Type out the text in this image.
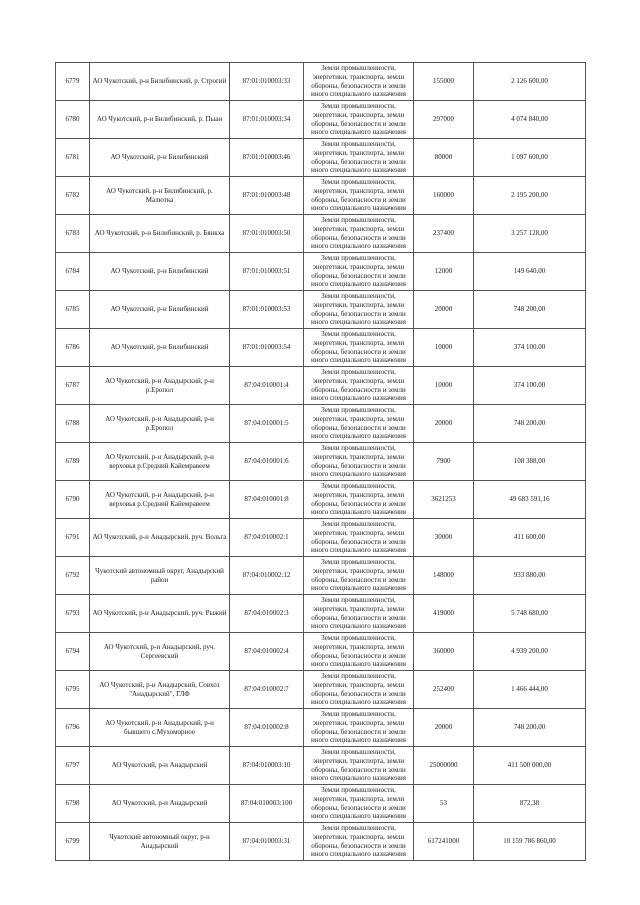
6779	АО Чукотский, р-н Билибинский, р. Строгий	87:01:010003:33	Земли промышленности, энергетики, транспорта, земли обороны, безопасности и земли иного специального назначения	155000	2 126 600,00
6780	АО Чукотский, р-н Билибинский, р. Пыан	87:01:010003:34	Земли промышленности, энергетики, транспорта, земли обороны, безопасности и земли иного специального назначения	297000	4 074 840,00
6781	АО Чукотский, р-н Билибинский	87:01:010003:46	Земли промышленности, энергетики, транспорта, земли обороны, безопасности и земли иного специального назначения	80000	1 097 600,00
6782	АО Чукотский, р-н Билибинский, р. Малютка	87:01:010003:48	Земли промышленности, энергетики, транспорта, земли обороны, безопасности и земли иного специального назначения	160000	2 195 200,00
6783	АО Чукотский, р-н Билибинский, р. Бянкха	87:01:010003:50	Земли промышленности, энергетики, транспорта, земли обороны, безопасности и земли иного специального назначения	237400	3 257 128,00
6784	АО Чукотский, р-н Билибинский	87:01:010003:51	Земли промышленности, энергетики, транспорта, земли обороны, безопасности и земли иного специального назначения	12000	149 640,00
6785	АО Чукотский, р-н Билибинский	87:01:010003:53	Земли промышленности, энергетики, транспорта, земли обороны, безопасности и земли иного специального назначения	20000	748 200,00
6786	АО Чукотский, р-н Билибинский	87:01:010003:54	Земли промышленности, энергетики, транспорта, земли обороны, безопасности и земли иного специального назначения	10000	374 100,00
6787	АО Чукотский, р-н Анадырский, р-н р.Еропол	87:04:010001:4	Земли промышленности, энергетики, транспорта, земли обороны, безопасности и земли иного специального назначения	10000	374 100,00
6788	АО Чукотский, р-н Анадырский, р-н р.Еропол	87:04:010001:5	Земли промышленности, энергетики, транспорта, земли обороны, безопасности и земли иного специального назначения	20000	748 200,00
6789	АО Чукотский, р-н Анадырский, р-н верховья р.Средний Кайемравеем	87:04:010001:6	Земли промышленности, энергетики, транспорта, земли обороны, безопасности и земли иного специального назначения	7900	108 388,00
6790	АО Чукотский, р-н Анадырский, р-н верховья р.Средний Кайемравеем	87:04:010001:8	Земли промышленности, энергетики, транспорта, земли обороны, безопасности и земли иного специального назначения	3621253	49 683 591,16
6791	АО Чукотский, р-н Анадырский, руч. Вольга	87:04:010002:1	Земли промышленности, энергетики, транспорта, земли обороны, безопасности и земли иного специального назначения	30000	411 600,00
6792	Чукотский автономный округ, Анадырский район	87:04:010002:12	Земли промышленности, энергетики, транспорта, земли обороны, безопасности и земли иного специального назначения	148000	933 880,00
6793	АО Чукотский, р-н Анадырский, руч. Рыжий	87:04:010002:3	Земли промышленности, энергетики, транспорта, земли обороны, безопасности и земли иного специального назначения	419000	5 748 680,00
6794	АО Чукотский, р-н Анадырский, руч. Сергеевский	87:04:010002:4	Земли промышленности, энергетики, транспорта, земли обороны, безопасности и земли иного специального назначения	360000	4 939 200,00
6795	АО Чукотский, р-н Анадырский, Совхоз "Анадырский", ГЛФ	87:04:010002:7	Земли промышленности, энергетики, транспорта, земли обороны, безопасности и земли иного специального назначения	252400	1 466 444,00
6796	АО Чукотский, р-н Анадырский, р-н бывшего с.Мухоморное	87:04:010002:8	Земли промышленности, энергетики, транспорта, земли обороны, безопасности и земли иного специального назначения	20000	748 200,00
6797	АО Чукотский, р-н Анадырский	87:04:010003:10	Земли промышленности, энергетики, транспорта, земли обороны, безопасности и земли иного специального назначения	25000000	411 500 000,00
6798	АО Чукотский, р-н Анадырский	87:04:010003:100	Земли промышленности, энергетики, транспорта, земли обороны, безопасности и земли иного специального назначения	53	872,38
6799	Чукотский автономный округ, р-н Анадырский	87:04:010003:31	Земли промышленности, энергетики, транспорта, земли обороны, безопасности и земли иного специального назначения	617241000	10 159 786 860,00
